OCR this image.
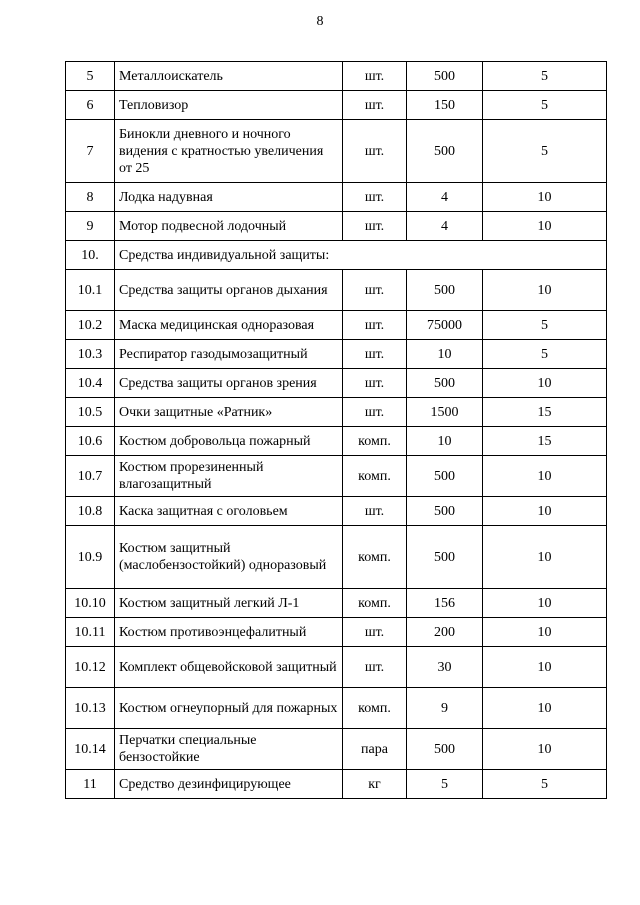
8
5	Металлоискатель	шт.	500	5
6	Тепловизор	шт.	150	5
7	Бинокли дневного и ночного видения с кратностью увеличения от 25	шт.	500	5
8	Лодка надувная	шт.	4	10
9	Мотор подвесной лодочный	шт.	4	10
10.	Средства индивидуальной защиты:			
10.1	Средства защиты органов дыхания	шт.	500	10
10.2	Маска медицинская одноразовая	шт.	75000	5
10.3	Респиратор газодымозащитный	шт.	10	5
10.4	Средства защиты органов зрения	шт.	500	10
10.5	Очки защитные «Ратник»	шт.	1500	15
10.6	Костюм добровольца пожарный	комп.	10	15
10.7	Костюм прорезиненный влагозащитный	комп.	500	10
10.8	Каска защитная с оголовьем	шт.	500	10
10.9	Костюм защитный (маслобензостойкий) одноразовый	комп.	500	10
10.10	Костюм защитный легкий Л-1	комп.	156	10
10.11	Костюм противоэнцефалитный	шт.	200	10
10.12	Комплект общевойсковой защитный	шт.	30	10
10.13	Костюм огнеупорный для пожарных	комп.	9	10
10.14	Перчатки специальные бензостойкие	пара	500	10
11	Средство дезинфицирующее	кг	5	5
